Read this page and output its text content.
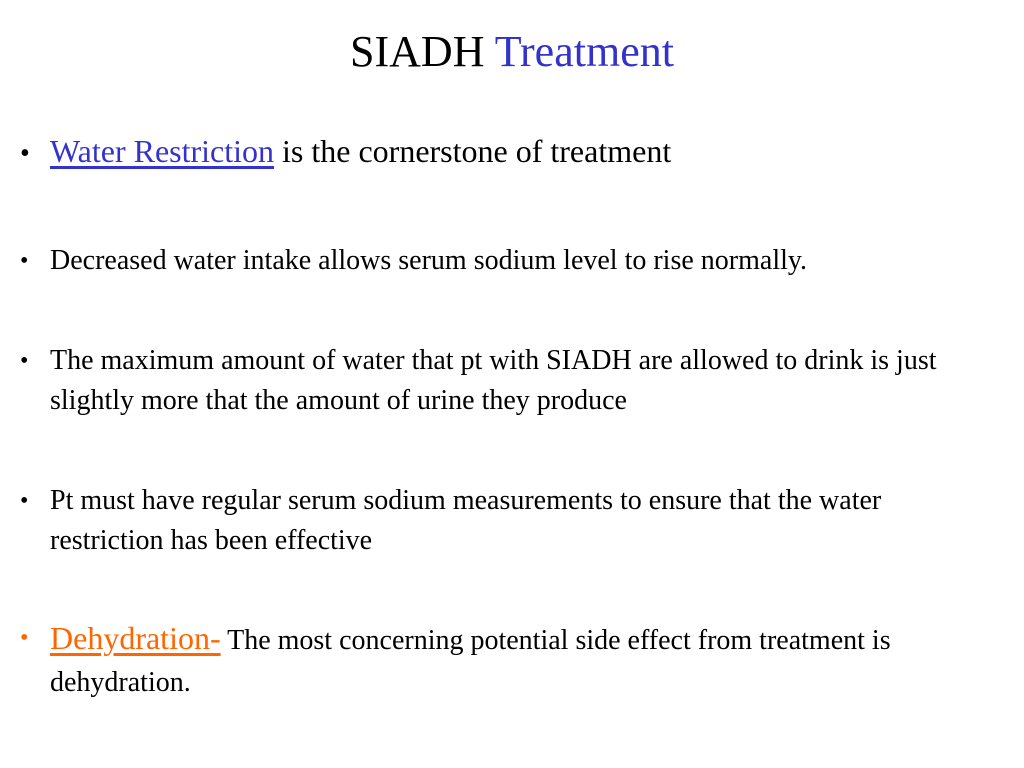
SIADH Treatment
• Water Restriction is the cornerstone of treatment
• Decreased water intake allows serum sodium level to rise normally.
• The maximum amount of water that pt with SIADH are allowed to drink is just slightly more that the amount of urine they produce
• Pt must have regular serum sodium measurements to ensure that the water restriction has been effective
• Dehydration- The most concerning potential side effect from treatment is dehydration.
